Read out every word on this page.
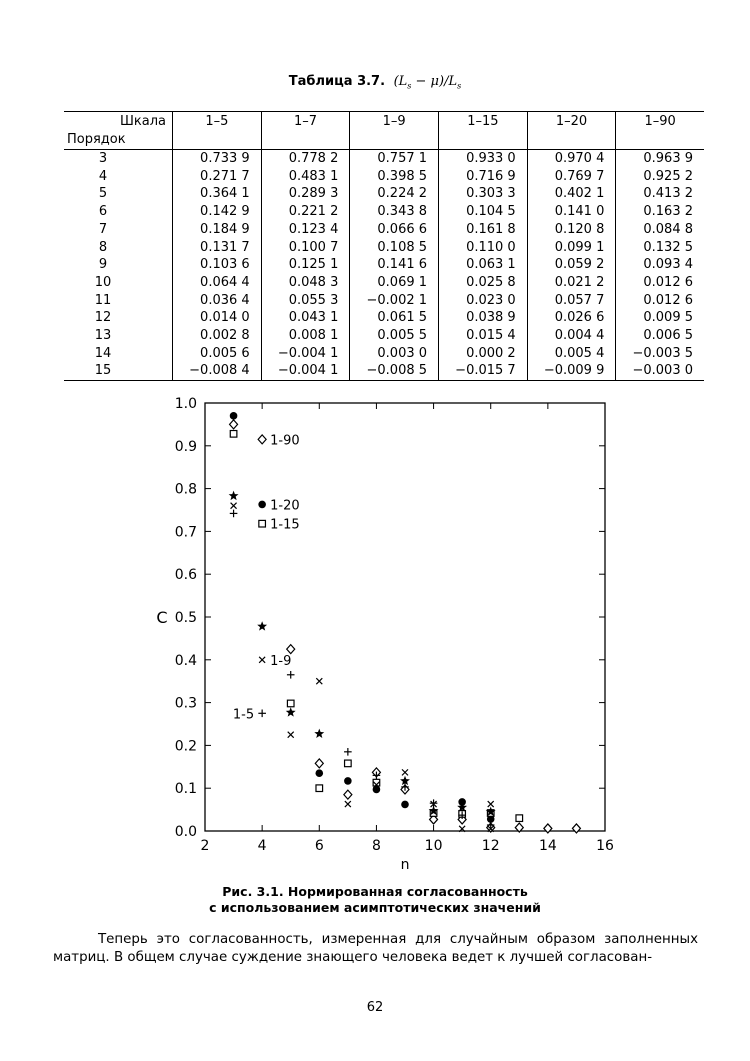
Таблица 3.7. $(L_s - \mu)/L_s$
Шкала
Порядок	1–5	1–7	1–9	1–15	1–20	1–90
3	0.733 9	0.778 2	0.757 1	0.933 0	0.970 4	0.963 9
4	0.271 7	0.483 1	0.398 5	0.716 9	0.769 7	0.925 2
5	0.364 1	0.289 3	0.224 2	0.303 3	0.402 1	0.413 2
6	0.142 9	0.221 2	0.343 8	0.104 5	0.141 0	0.163 2
7	0.184 9	0.123 4	0.066 6	0.161 8	0.120 8	0.084 8
8	0.131 7	0.100 7	0.108 5	0.110 0	0.099 1	0.132 5
9	0.103 6	0.125 1	0.141 6	0.063 1	0.059 2	0.093 4
10	0.064 4	0.048 3	0.069 1	0.025 8	0.021 2	0.012 6
11	0.036 4	0.055 3	−0.002 1	0.023 0	0.057 7	0.012 6
12	0.014 0	0.043 1	0.061 5	0.038 9	0.026 6	0.009 5
13	0.002 8	0.008 1	0.005 5	0.015 4	0.004 4	0.006 5
14	0.005 6	−0.004 1	0.003 0	0.000 2	0.005 4	−0.003 5
15	−0.008 4	−0.004 1	−0.008 5	−0.015 7	−0.009 9	−0.003 0
2	4	6	8	10	12	14	16
0.0
0.1
0.2
0.3
0.4
0.5
0.6
0.7
0.8
0.9
1.0
n
C
1-90
1-20
1-15
1-9
1-5
Рис. 3.1. Нормированная согласованность
с использованием асимптотических значений

Теперь это согласованность, измеренная для случайным образом заполненных матриц. В общем случае суждение знающего человека ведет к лучшей согласован-

62
